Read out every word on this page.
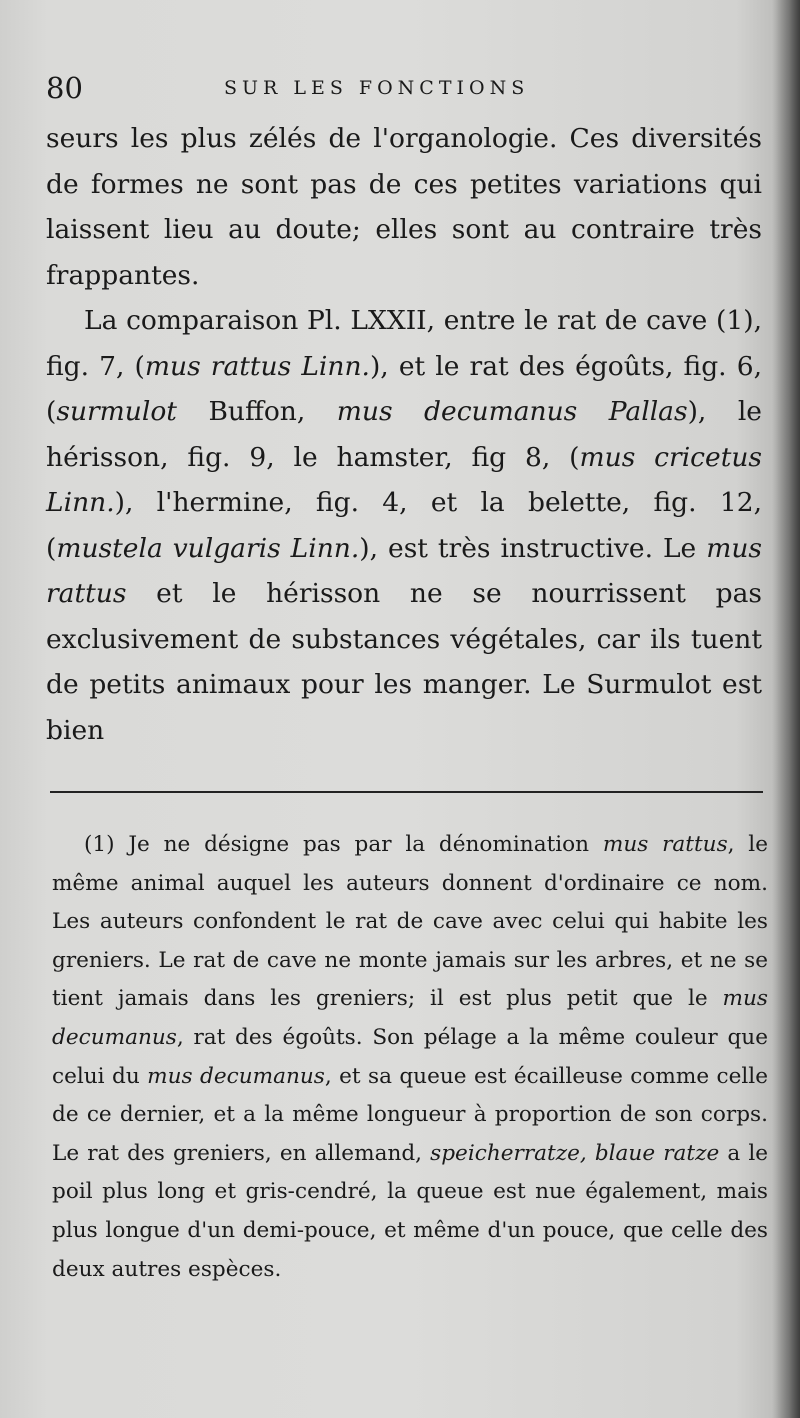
80	SUR LES FONCTIONS

seurs les plus zélés de l'organologie. Ces diversités de formes ne sont pas de ces petites variations qui laissent lieu au doute; elles sont au contraire très frappantes.

La comparaison Pl. LXXII, entre le rat de cave (1), fig. 7, (mus rattus Linn.), et le rat des égoûts, fig. 6, (surmulot Buffon, mus decumanus Pallas), le hérisson, fig. 9, le hamster, fig 8, (mus cricetus Linn.), l'hermine, fig. 4, et la belette, fig. 12, (mustela vulgaris Linn.), est très instructive. Le mus rattus et le hérisson ne se nourrissent pas exclusivement de substances végétales, car ils tuent de petits animaux pour les manger. Le Surmulot est bien

(1) Je ne désigne pas par la dénomination mus rattus, le même animal auquel les auteurs donnent d'ordinaire ce nom. Les auteurs confondent le rat de cave avec celui qui habite les greniers. Le rat de cave ne monte jamais sur les arbres, et ne se tient jamais dans les greniers; il est plus petit que le mus decumanus, rat des égoûts. Son pélage a la même couleur que celui du mus decumanus, et sa queue est écailleuse comme celle de ce dernier, et a la même longueur à proportion de son corps. Le rat des greniers, en allemand, speicherratze, blaue ratze a le poil plus long et gris-cendré, la queue est nue également, mais plus longue d'un demi-pouce, et même d'un pouce, que celle des deux autres espèces.
